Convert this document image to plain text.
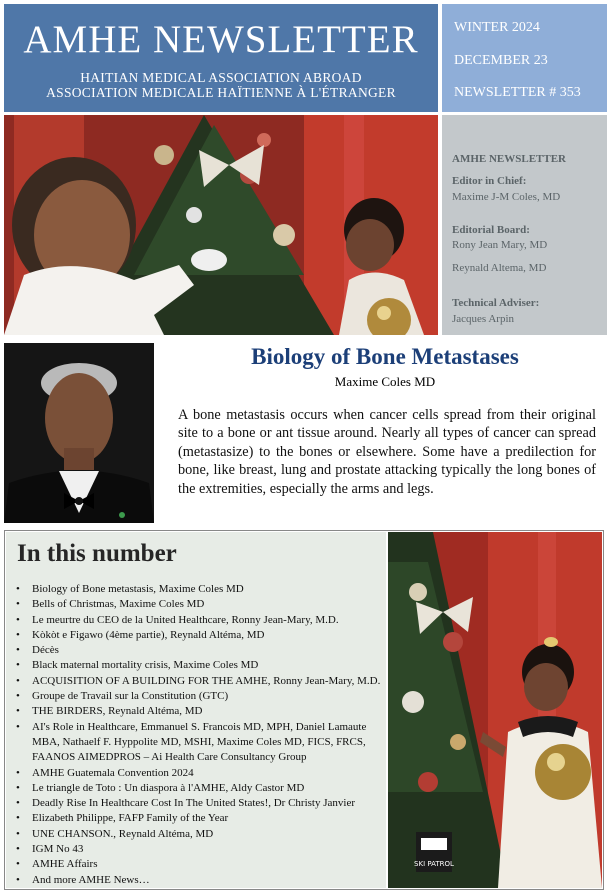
AMHE NEWSLETTER
HAITIAN MEDICAL ASSOCIATION ABROAD
ASSOCIATION MEDICALE HAÏTIENNE À L'ÉTRANGER
WINTER 2024
DECEMBER 23
NEWSLETTER # 353
AMHE NEWSLETTER
Editor in Chief:
Maxime J-M Coles, MD
Editorial Board:
Rony Jean Mary, MD
Reynald Altema, MD
Technical Adviser:
Jacques Arpin
Biology of Bone Metastases
Maxime Coles MD
A bone metastasis occurs when cancer cells spread from their original site to a bone or ant tissue around. Nearly all types of cancer can spread (metastasize) to the bones or elsewhere. Some have a predilection for bone, like breast, lung and prostate attacking typically the long bones of the extremities, especially the arms and legs.
In this number
• Biology of Bone metastasis, Maxime Coles MD
• Bells of Christmas, Maxime Coles MD
• Le meurtre du CEO de la United Healthcare, Ronny Jean-Mary, M.D.
• Kòkòt e Figawo (4ème partie), Reynald Altéma, MD
• Décès
• Black maternal mortality crisis, Maxime Coles MD
• ACQUISITION OF A BUILDING FOR THE AMHE, Ronny Jean-Mary, M.D.
• Groupe de Travail sur la Constitution (GTC)
• THE BIRDERS, Reynald Altéma, MD
• AI's Role in Healthcare, Emmanuel S. Francois MD, MPH, Daniel Lamaute MBA, Nathaelf F. Hyppolite MD, MSHI, Maxime Coles MD, FICS, FRCS, FAANOS AIMEDPROS – Ai Health Care Consultancy Group
• AMHE Guatemala Convention 2024
• Le triangle de Toto : Un diaspora à l'AMHE, Aldy Castor MD
• Deadly Rise In Healthcare Cost In The United States!, Dr Christy Janvier
• Elizabeth Philippe, FAFP Family of the Year
• UNE CHANSON., Reynald Altéma, MD
• IGM No 43
• AMHE Affairs
• And more AMHE News…
SKI PATROL
